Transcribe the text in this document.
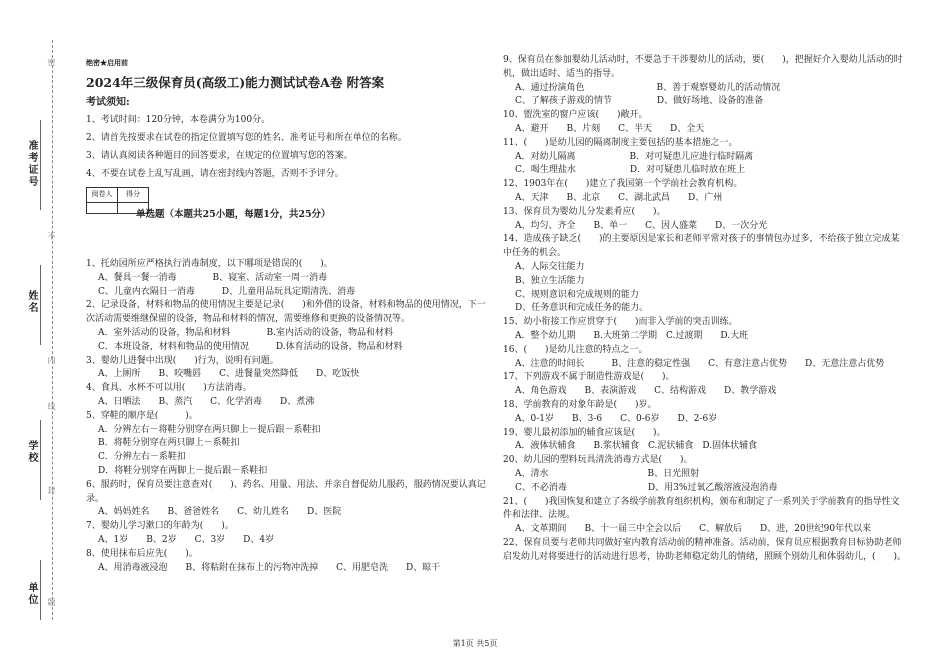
密
不
内
线
封
题
准考证号
姓名
学校
单位
绝密★启用前
2024年三级保育员(高级工)能力测试试卷A卷 附答案
考试须知:

1、考试时间：120分钟，本卷满分为100分。

2、请首先按要求在试卷的指定位置填写您的姓名、准考证号和所在单位的名称。

3、请认真阅读各种题目的回答要求，在规定的位置填写您的答案。

4、不要在试卷上乱写乱画，请在密封线内答题，否则不予评分。

阅卷人	得分

单选题（本题共25小题，每题1分，共25分）

1、托幼园所应严格执行消毒制度，以下哪项是错误的(　　)。

A、餐具一餐一消毒　　　　B、寝室、活动室一周一消毒

C、儿童内衣隔日一消毒　　　D、儿童用品玩具定期清洗、消毒

2、记录设备，材料和物品的使用情况主要是记录(　　)和外借的设备，材料和物品的使用情况，下一次活动需要维继保留的设备，物品和材料的情况，需要维修和更换的设备情况等。

A．室外活动的设备，物品和材料　　　　B.室内活动的设备，物品和材料

C．本班设备，材料和物品的使用情况　　　D.体育活动的设备，物品和材料

3、婴幼儿进餐中出现(　　)行为，说明有问题。

A、上厕所　　B、咬嘴唇　　C、进餐量突然降低　　D、吃饭快

4、食具、水杯不可以用(　　)方法消毒。

A、日晒法　　B、蒸汽　　C、化学消毒　　D、煮沸

5、穿鞋的顺序是(　　　)。

A．分辨左右－将鞋分别穿在两只脚上－提后跟－系鞋扣

B．将鞋分别穿在两只脚上－系鞋扣

C．分辨左右－系鞋扣

D．将鞋分别穿在两脚上－提后跟－系鞋扣

6、服药时，保育员要注意查对(　　)、药名、用量、用法、并亲自督促幼儿服药，服药情况要认真记录。

A、妈妈姓名　　B、爸爸姓名　　C、幼儿姓名　　D、医院

7、婴幼儿学习漱口的年龄为(　　)。

A、1岁　　B、2岁　　C、3岁　　D、4岁

8、使用抹布后应先(　　)。

A、用消毒液浸泡　　B、将粘附在抹布上的污物冲洗掉　　C、用肥皂洗　　D、晾干

9、保育员在参加婴幼儿活动时，不要急于干涉婴幼儿的活动，要(　　)，把握好介入婴幼儿活动的时机，做出适时、适当的指导。

A、通过扮演角色　　　　　　　　B、善于观察婴幼儿的活动情况

C、了解孩子游戏的情节　　　　　D、做好场地、设备的准备

10、盥洗室的窗户应该(　　)敞开。

A、避开　　B、片刻　　C、半天　　D、全天

11、(　　)是幼儿园的隔离制度主要包括的基本措施之一。

A．对幼儿隔离　　　　　　B．对可疑患儿应进行临时隔离

C．喝生理盐水　　　　　　D．对可疑患儿临时放在班上

12、1903年在(　　)建立了我国第一个学前社会教育机构。

A、天津　　B、北京　　C、湖北武昌　　D、广州

13、保育员为婴幼儿分发素肴应(　　)。

A、均匀、齐全　　B、单一　　C、因人盛菜　　D、一次分光

14、造成孩子缺乏(　　)的主要原因是家长和老师平常对孩子的事情包办过多，不给孩子独立完成某中任务的机会。

A、人际交往能力

B、独立生活能力

C、规则意识和完成规则的能力

D、任务意识和完成任务的能力。

15、幼小衔接工作应贯穿于(　　)而非入学前的突击训练。

A．整个幼儿期　　B.大班第二学期　C.过渡期　　D.大班

16、(　　)是幼儿注意的特点之一。

A、注意的时间长　　　B、注意的稳定性强　　C、有意注意占优势　　D、无意注意占优势

17、下列游戏不属于制造性游戏是(　　)。

A、角色游戏　　B、表演游戏　　C、结构游戏　　D、教学游戏

18、学前教育的对象年龄是(　　)岁。

A、0-1岁　　B、3-6　　C、0-6岁　　D、2-6岁

19、婴儿最初添加的辅食应该是(　　)。

A．液体状辅食　　B.浆状辅食　C.泥状辅食　D.固体状辅食

20、幼儿园的塑料玩具清洗消毒方式是(　　)。

A、清水　　　　　　　　　　　B、日光照射

C、不必消毒　　　　　　　　　D、用3%过氧乙酸溶液浸泡消毒

21、(　　)我国恢复和建立了各级学前教育组织机构，颁布和制定了一系列关于学前教育的指导性文件和法律、法规。

A、文革期间　　B、十一届三中全会以后　　C、解放后　　D、进，20世纪90年代以来

22、保育员要与老师共同做好室内教育活动前的精神准备。活动前，保育员应根据教育目标协助老师启发幼儿对将要进行的活动进行思考，协助老师稳定幼儿的情绪，照顾个别幼儿和体弱幼儿，(　　)。

第1页 共5页
